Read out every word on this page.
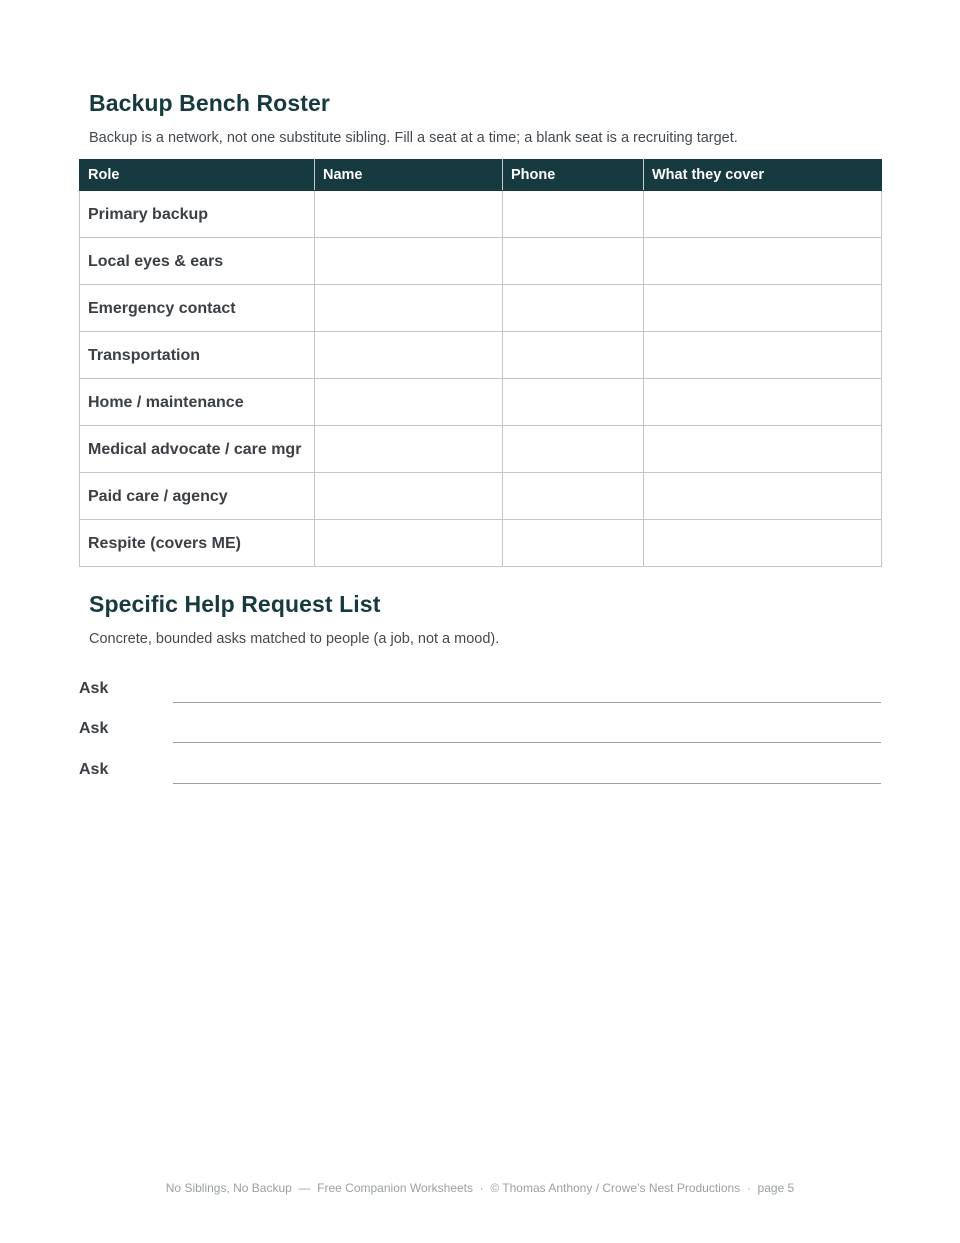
Backup Bench Roster

Backup is a network, not one substitute sibling. Fill a seat at a time; a blank seat is a recruiting target.

Role	Name	Phone	What they cover
Primary backup			
Local eyes & ears			
Emergency contact			
Transportation			
Home / maintenance			
Medical advocate / care mgr			
Paid care / agency			
Respite (covers ME)			
Specific Help Request List

Concrete, bounded asks matched to people (a job, not a mood).

Ask
Ask
Ask
No Siblings, No Backup  —  Free Companion Worksheets  ·  © Thomas Anthony / Crowe’s Nest Productions  ·  page 5
